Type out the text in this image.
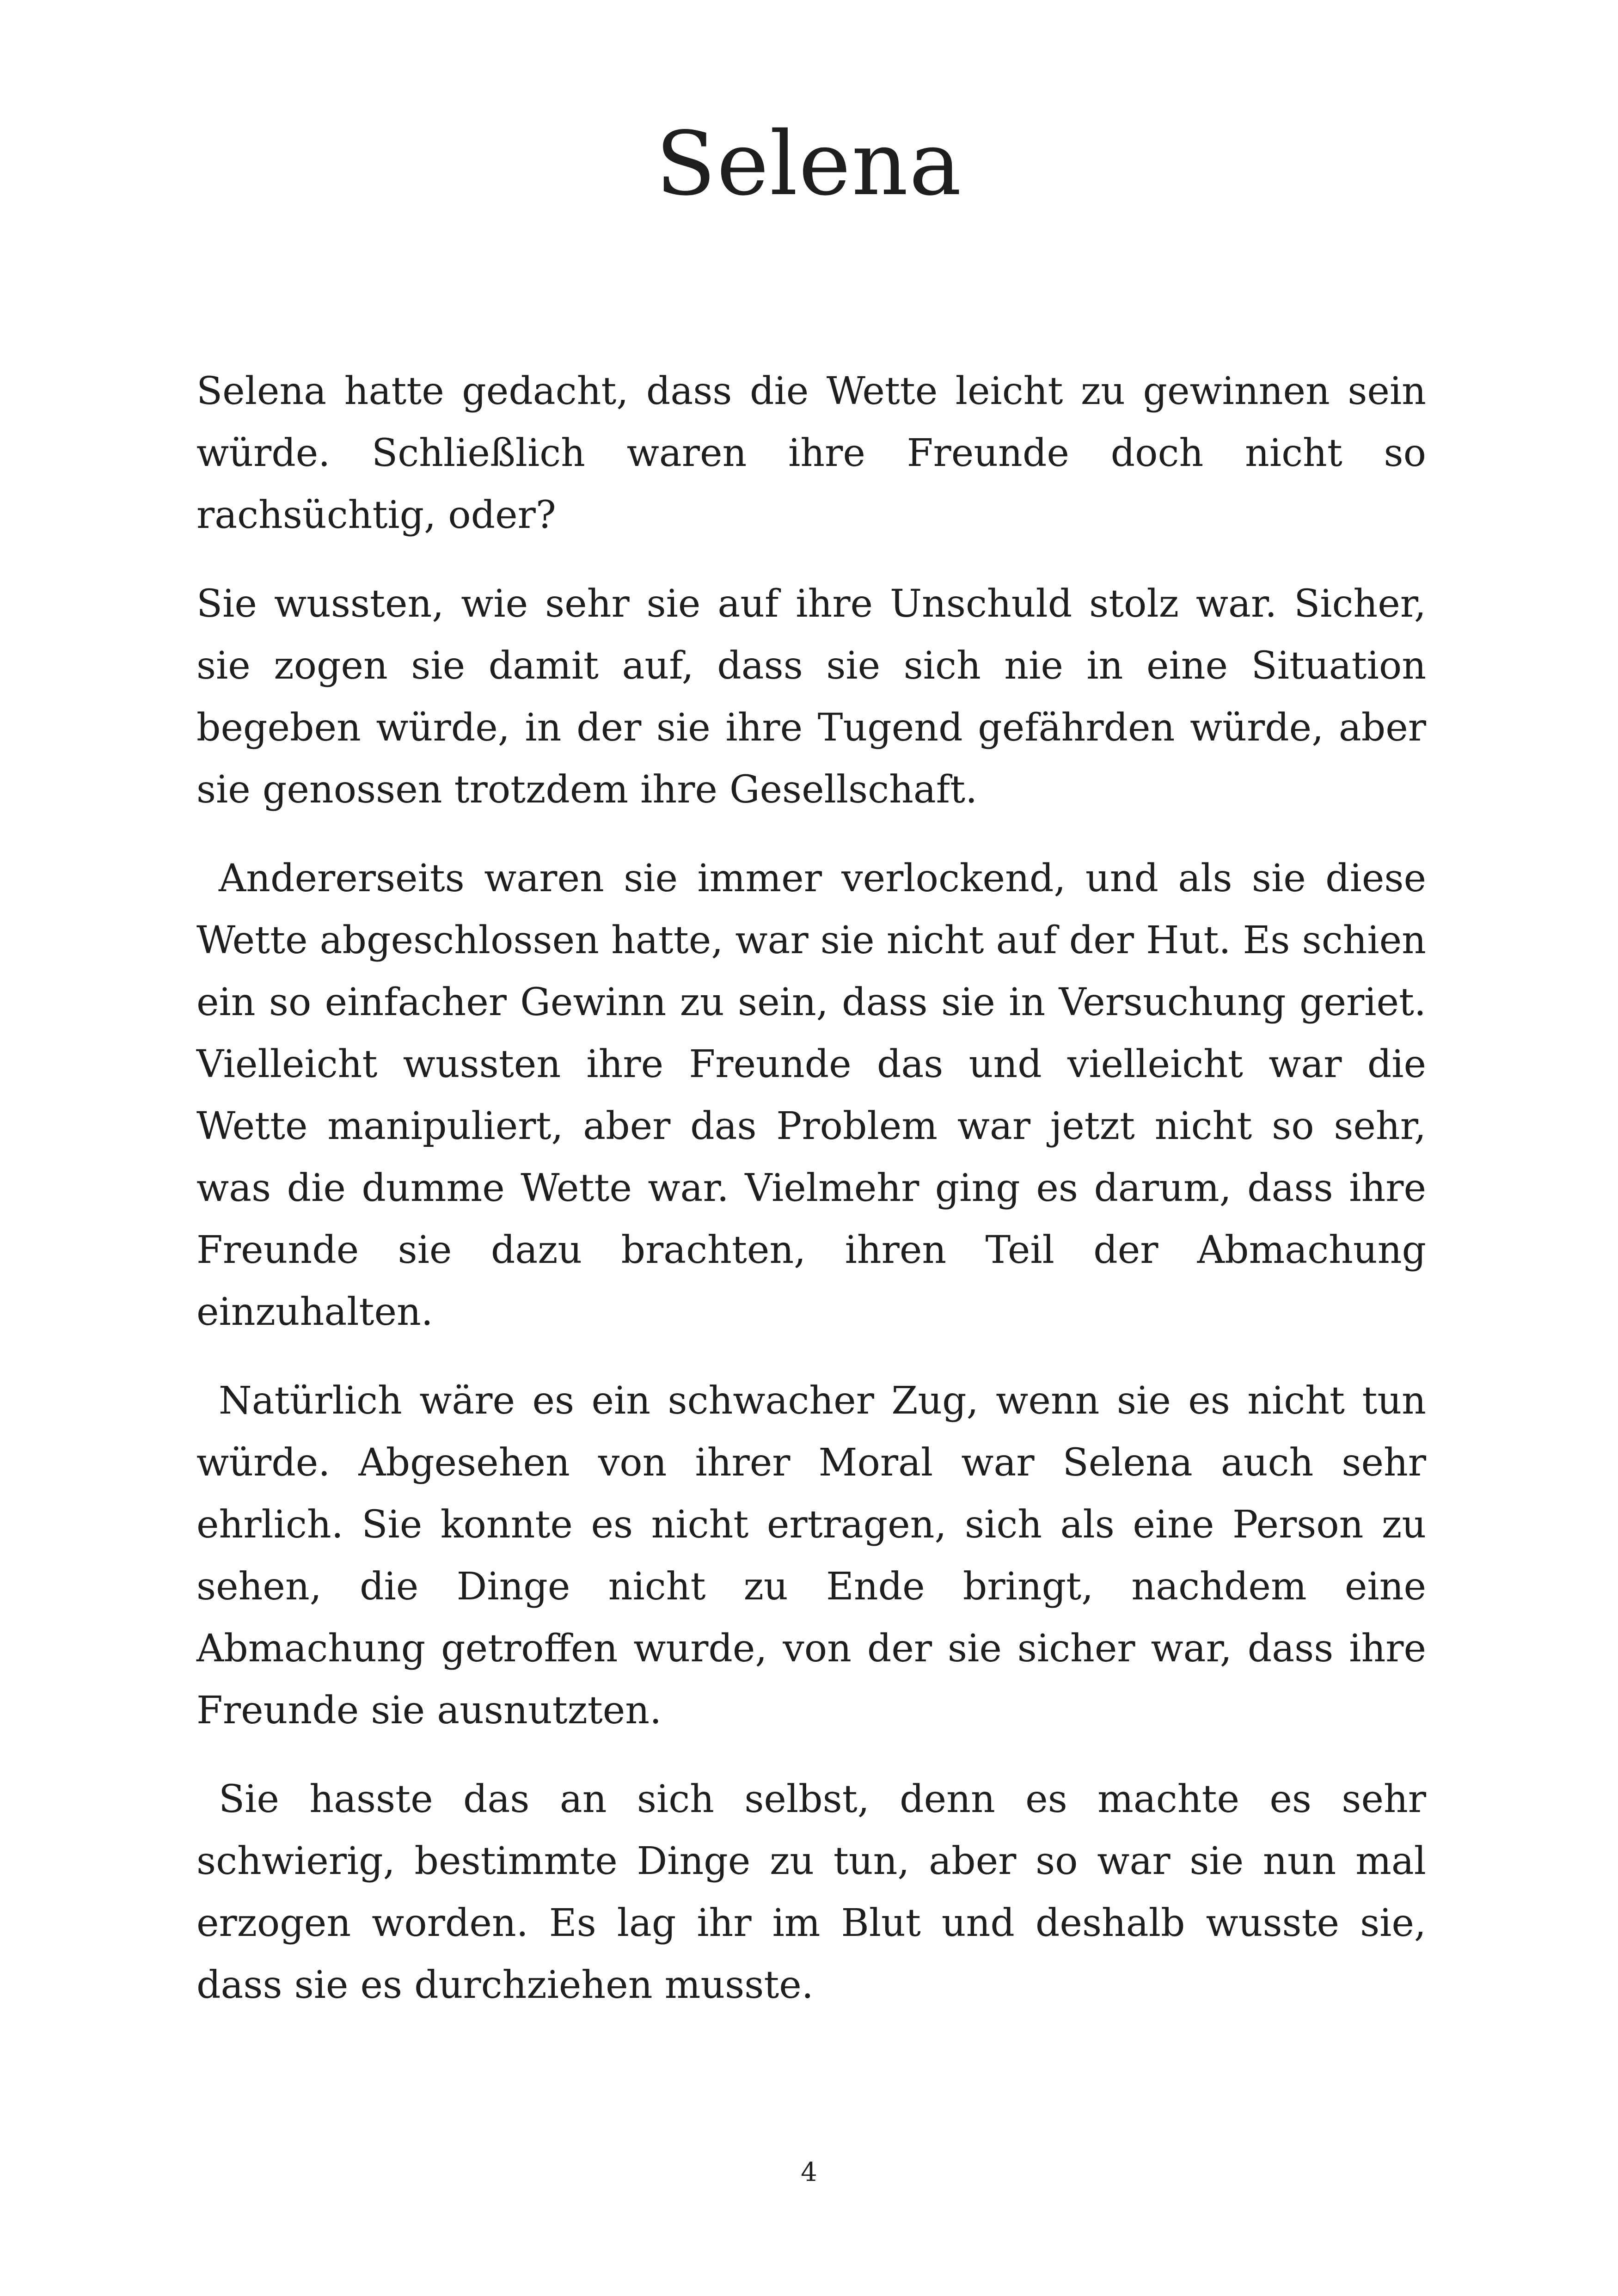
Selena

Selena hatte gedacht, dass die Wette leicht zu gewinnen sein würde. Schließlich waren ihre Freunde doch nicht so rachsüchtig, oder?

Sie wussten, wie sehr sie auf ihre Unschuld stolz war. Sicher, sie zogen sie damit auf, dass sie sich nie in eine Situation begeben würde, in der sie ihre Tugend gefährden würde, aber sie genossen trotzdem ihre Gesellschaft.

Andererseits waren sie immer verlockend, und als sie diese Wette abgeschlossen hatte, war sie nicht auf der Hut. Es schien ein so einfacher Gewinn zu sein, dass sie in Versuchung geriet. Vielleicht wussten ihre Freunde das und vielleicht war die Wette manipuliert, aber das Problem war jetzt nicht so sehr, was die dumme Wette war. Vielmehr ging es darum, dass ihre Freunde sie dazu brachten, ihren Teil der Abmachung einzuhalten.

Natürlich wäre es ein schwacher Zug, wenn sie es nicht tun würde. Abgesehen von ihrer Moral war Selena auch sehr ehrlich. Sie konnte es nicht ertragen, sich als eine Person zu sehen, die Dinge nicht zu Ende bringt, nachdem eine Abmachung getroffen wurde, von der sie sicher war, dass ihre Freunde sie ausnutzten.

Sie hasste das an sich selbst, denn es machte es sehr schwierig, bestimmte Dinge zu tun, aber so war sie nun mal erzogen worden. Es lag ihr im Blut und deshalb wusste sie, dass sie es durchziehen musste.

4
